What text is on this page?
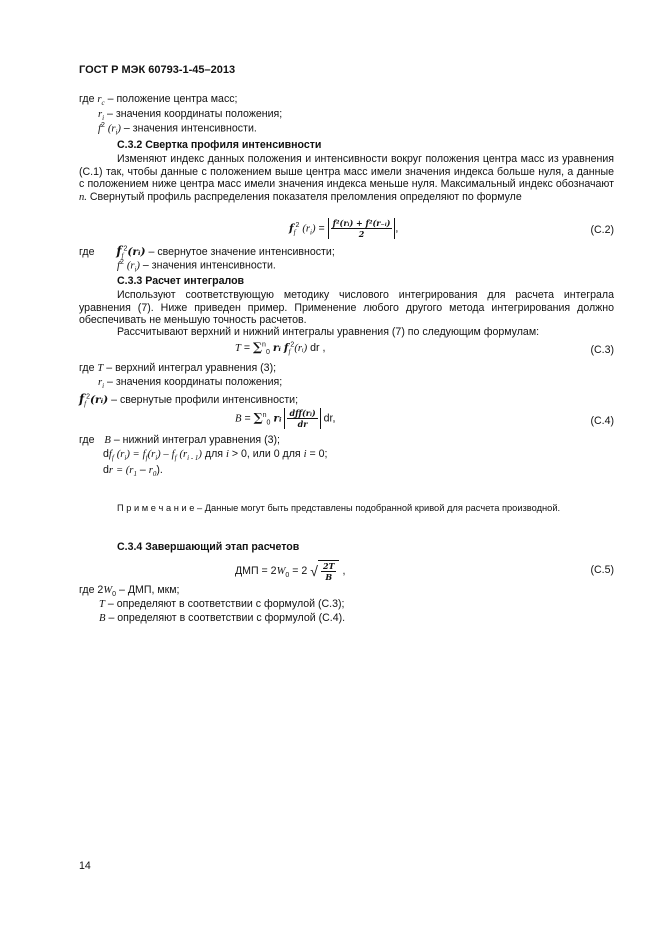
ГОСТ Р МЭК 60793-1-45–2013
где $r_c$ – положение центра масс;
$r_i$ – значения координаты положения;
$f^2$ $(r_i)$ – значения интенсивности.
С.3.2 Свертка профиля интенсивности
Изменяют индекс данных положения и интенсивности вокруг положения центра масс из уравнения (С.1) так, чтобы данные с положением выше центра масс имели значения индекса больше нуля, а данные с положением ниже центра масс имели значения индекса меньше нуля. Максимальный индекс обозначают n. Свернутый профиль распределения показателя преломления определяют по формуле
$f_f^2$ $(r_i) = \frac{\text{f²(rᵢ) + f²(r₋ᵢ)}}{2}$ ,	(С.2)
где $f_f^2(rᵢ)$ – свернутое значение интенсивности;
$f^2$ $(r_i)$ – значения интенсивности.
С.3.3 Расчет интегралов
Используют соответствующую методику числового интегрирования для расчета интеграла уравнения (7). Ниже приведен пример. Применение любого другого метода интегрирования должно обеспечивать не меньшую точность расчетов.
Рассчитывают верхний и нижний интегралы уравнения (7) по следующим формулам:
T = ∑$^n_0$ rᵢ $f_f^2(rᵢ)$ dr ,	(С.3)
где T – верхний интеграл уравнения (3);
$r_i$ – значения координаты положения;
$f_f^2(rᵢ)$ – свернутые профили интенсивности;
B = ∑$^n_0$ rᵢ $\frac{\text{dƒf(rᵢ)}}{dr}$ dr,	(С.4)
где B – нижний интеграл уравнения (3);
$df_f$ $(r_i) = f_f(r_i) - f_f$ $(r_{i - 1})$ для i > 0, или 0 для i = 0;
dr = $(r_1 - r_0)$.
П р и м е ч а н и е – Данные могут быть представлены подобранной кривой для расчета производной.
С.3.4 Завершающий этап расчетов
ДМП = $2W_0 = 2$ √ $\frac{2T}{B}$ ,	(С.5)
где $2W_0$ – ДМП, мкм;
T – определяют в соответствии с формулой (С.3);
B – определяют в соответствии с формулой (С.4).
14
